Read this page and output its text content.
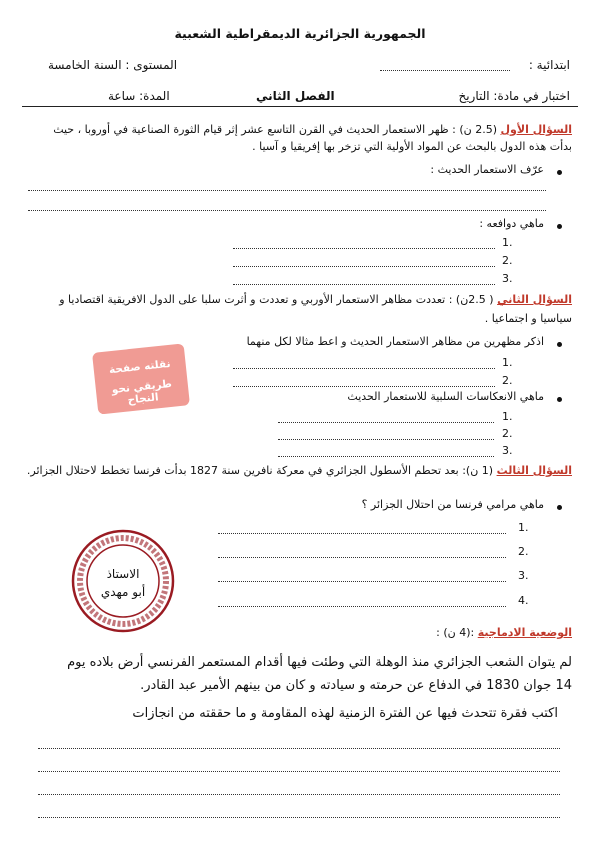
الجمهورية الجزائرية الديمقراطية الشعبية
ابتدائية :
المستوى : السنة الخامسة
اختبار في مادة: التاريخ
الفصل الثاني
المدة: ساعة
السؤال الأول (2.5 ن) : ظهر الاستعمار الحديث في القرن التاسع عشر إثر قيام الثورة الصناعية في أوروبا ، حيث
بدأت هذه الدول بالبحث عن المواد الأولية التي تزخر بها إفريقيا و آسيا .
عرّف الاستعمار الحديث :
ماهي دوافعه :
1.
2.
3.
السؤال الثاني ( 2.5ن) : تعددت مظاهر الاستعمار الأوربي و تعددت و أثرت سلبا على الدول الافريقية اقتصاديا و
سياسيا و اجتماعيا .
اذكر مظهرين من مظاهر الاستعمار الحديث و اعط مثالا لكل منهما
1.
2.
ماهي الانعكاسات السلبية للاستعمار الحديث
1.
2.
3.
نقلته صفحة
طريقي نحو النجاح
السؤال الثالث (1 ن): بعد تحطم الأسطول الجزائري في معركة نافرين سنة 1827 بدأت فرنسا تخطط لاحتلال الجزائر.
ماهي مرامي فرنسا من احتلال الجزائر ؟
1.
2.
3.
4.
الاستاذ
أبو مهدي
الوضعية الادماجية :(4 ن) :
لم يتوان الشعب الجزائري منذ الوهلة التي وطئت فيها أقدام المستعمر الفرنسي أرض بلاده يوم
14 جوان 1830 في الدفاع عن حرمته و سيادته و كان من بينهم الأمير عبد القادر.
اكتب فقرة تتحدث فيها عن الفترة الزمنية لهذه المقاومة و ما حققته من انجازات
